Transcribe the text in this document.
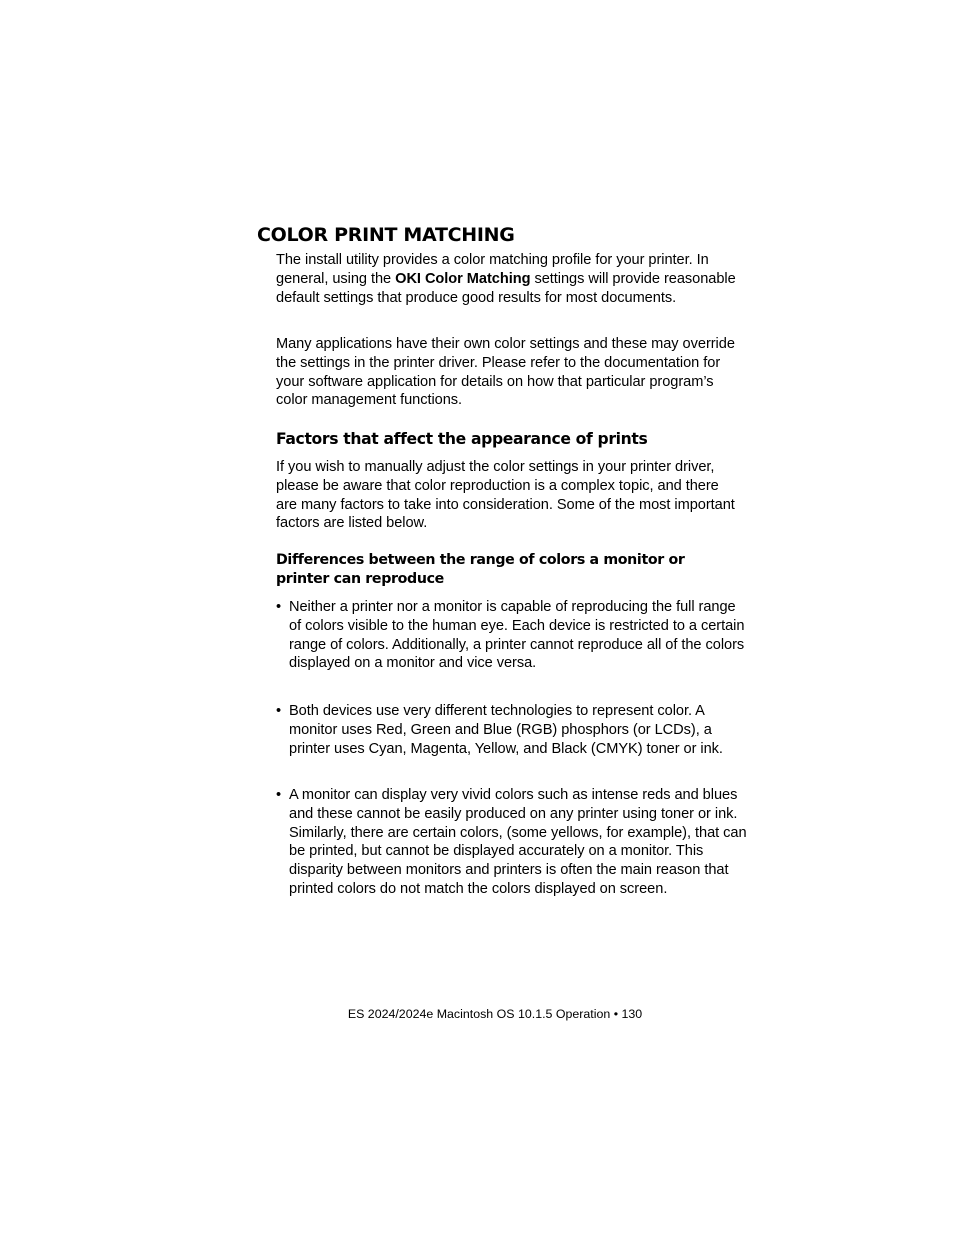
COLOR PRINT MATCHING

The install utility provides a color matching profile for your printer. In general, using the OKI Color Matching settings will provide reasonable default settings that produce good results for most documents.

Many applications have their own color settings and these may override the settings in the printer driver. Please refer to the documentation for your software application for details on how that particular program’s color management functions.

Factors that affect the appearance of prints

If you wish to manually adjust the color settings in your printer driver, please be aware that color reproduction is a complex topic, and there are many factors to take into consideration. Some of the most important factors are listed below.

Differences between the range of colors a monitor or printer can reproduce
• Neither a printer nor a monitor is capable of reproducing the full range of colors visible to the human eye. Each device is restricted to a certain range of colors. Additionally, a printer cannot reproduce all of the colors displayed on a monitor and vice versa.
• Both devices use very different technologies to represent color. A monitor uses Red, Green and Blue (RGB) phosphors (or LCDs), a printer uses Cyan, Magenta, Yellow, and Black (CMYK) toner or ink.
• A monitor can display very vivid colors such as intense reds and blues and these cannot be easily produced on any printer using toner or ink. Similarly, there are certain colors, (some yellows, for example), that can be printed, but cannot be displayed accurately on a monitor. This disparity between monitors and printers is often the main reason that printed colors do not match the colors displayed on screen.

ES 2024/2024e Macintosh OS 10.1.5 Operation • 130
